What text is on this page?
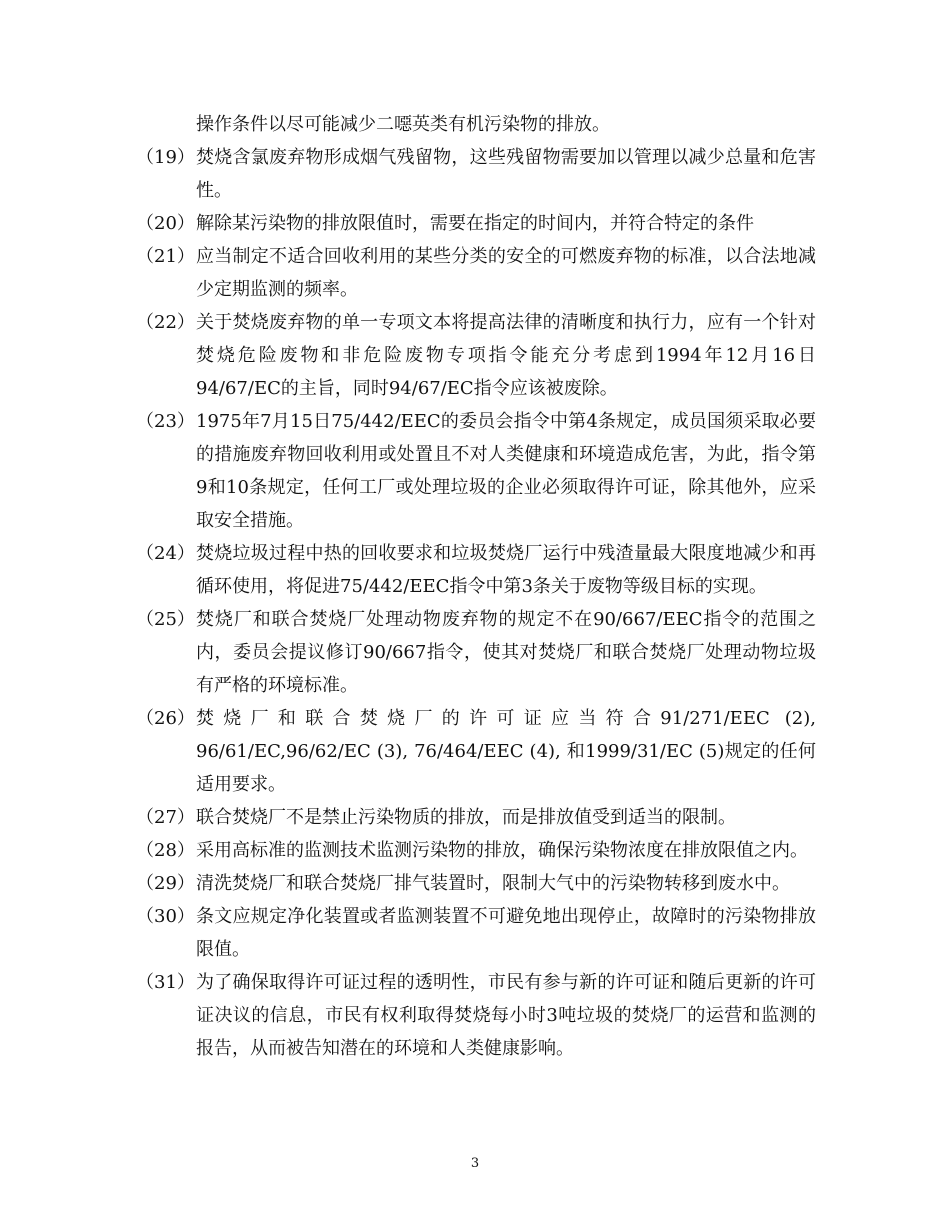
操作条件以尽可能减少二噁英类有机污染物的排放。
（19） 焚烧含氯废弃物形成烟气残留物，这些残留物需要加以管理以减少总量和危害性。
（20） 解除某污染物的排放限值时，需要在指定的时间内，并符合特定的条件
（21） 应当制定不适合回收利用的某些分类的安全的可燃废弃物的标准，以合法地减少定期监测的频率。
（22） 关于焚烧废弃物的单一专项文本将提高法律的清晰度和执行力，应有一个针对焚烧危险废物和非危险废物专项指令能充分考虑到1994年12月16日94/67/EC的主旨，同时94/67/EC指令应该被废除。
（23） 1975年7月15日75/442/EEC的委员会指令中第4条规定，成员国须采取必要的措施废弃物回收利用或处置且不对人类健康和环境造成危害，为此，指令第9和10条规定，任何工厂或处理垃圾的企业必须取得许可证，除其他外，应采取安全措施。
（24） 焚烧垃圾过程中热的回收要求和垃圾焚烧厂运行中残渣量最大限度地减少和再循环使用，将促进75/442/EEC指令中第3条关于废物等级目标的实现。
（25） 焚烧厂和联合焚烧厂处理动物废弃物的规定不在90/667/EEC指令的范围之内，委员会提议修订90/667指令，使其对焚烧厂和联合焚烧厂处理动物垃圾有严格的环境标准。
（26） 焚烧厂和联合焚烧厂的许可证应当符合91/271/EEC (2), 96/61/EC,96/62/EC (3), 76/464/EEC (4), 和1999/31/EC (5)规定的任何适用要求。
（27） 联合焚烧厂不是禁止污染物质的排放，而是排放值受到适当的限制。
（28） 采用高标准的监测技术监测污染物的排放，确保污染物浓度在排放限值之内。
（29） 清洗焚烧厂和联合焚烧厂排气装置时，限制大气中的污染物转移到废水中。
（30） 条文应规定净化装置或者监测装置不可避免地出现停止，故障时的污染物排放限值。
（31） 为了确保取得许可证过程的透明性，市民有参与新的许可证和随后更新的许可证决议的信息，市民有权利取得焚烧每小时3吨垃圾的焚烧厂的运营和监测的报告，从而被告知潜在的环境和人类健康影响。
3
